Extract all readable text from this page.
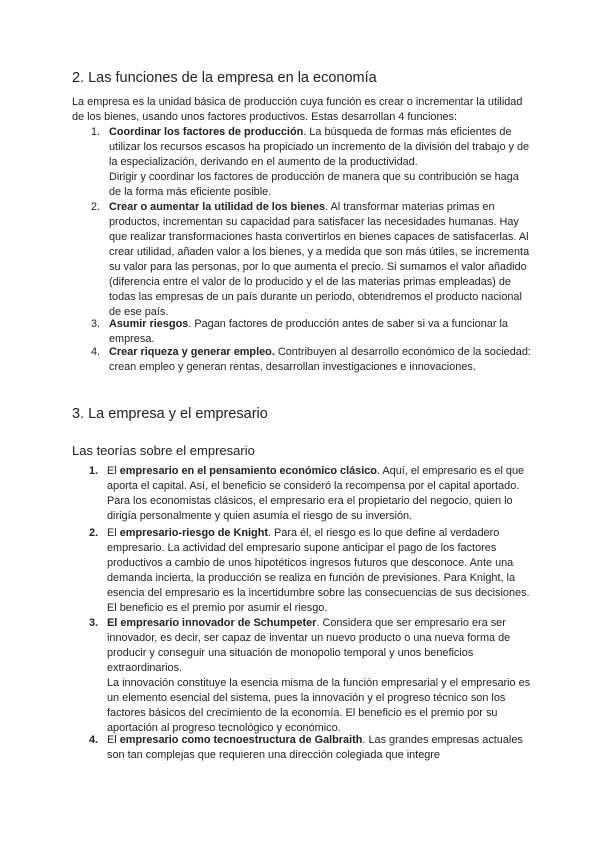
2. Las funciones de la empresa en la economía

La empresa es la unidad básica de producción cuya función es crear o incrementar la utilidad de los bienes, usando unos factores productivos. Estas desarrollan 4 funciones:

1. Coordinar los factores de producción. La búsqueda de formas más eficientes de utilizar los recursos escasos ha propiciado un incremento de la división del trabajo y de la especialización, derivando en el aumento de la productividad.

Dirigir y coordinar los factores de producción de manera que su contribución se haga de la forma más eficiente posible.

2. Crear o aumentar la utilidad de los bienes. Al transformar materias primas en productos, incrementan su capacidad para satisfacer las necesidades humanas. Hay que realizar transformaciones hasta convertirlos en bienes capaces de satisfacerlas. Al crear utilidad, añaden valor a los bienes, y a medida que son más útiles, se incrementa su valor para las personas, por lo que aumenta el precio. Si sumamos el valor añadido (diferencia entre el valor de lo producido y el de las materias primas empleadas) de todas las empresas de un país durante un periodo, obtendremos el producto nacional de ese país.

3. Asumir riesgos. Pagan factores de producción antes de saber si va a funcionar la empresa.

4. Crear riqueza y generar empleo. Contribuyen al desarrollo económico de la sociedad: crean empleo y generan rentas, desarrollan investigaciones e innovaciones.

3. La empresa y el empresario
Las teorías sobre el empresario
1. El empresario en el pensamiento económico clásico. Aquí, el empresario es el que aporta el capital. Así, el beneficio se consideró la recompensa por el capital aportado. Para los economistas clásicos, el empresario era el propietario del negocio, quien lo dirigía personalmente y quien asumía el riesgo de su inversión.

2. El empresario-riesgo de Knight. Para él, el riesgo es lo que define al verdadero empresario. La actividad del empresario supone anticipar el pago de los factores productivos a cambio de unos hipotéticos ingresos futuros que desconoce. Ante una demanda incierta, la producción se realiza en función de previsiones. Para Knight, la esencia del empresario es la incertidumbre sobre las consecuencias de sus decisiones. El beneficio es el premio por asumir el riesgo.

3. El empresario innovador de Schumpeter. Considera que ser empresario era ser innovador, es decir, ser capaz de inventar un nuevo producto o una nueva forma de producir y conseguir una situación de monopolio temporal y unos beneficios extraordinarios.

La innovación constituye la esencia misma de la función empresarial y el empresario es un elemento esencial del sistema, pues la innovación y el progreso técnico son los factores básicos del crecimiento de la economía. El beneficio es el premio por su aportación al progreso tecnológico y económico.

4. El empresario como tecnoestructura de Galbraith. Las grandes empresas actuales son tan complejas que requieren una dirección colegiada que integre
